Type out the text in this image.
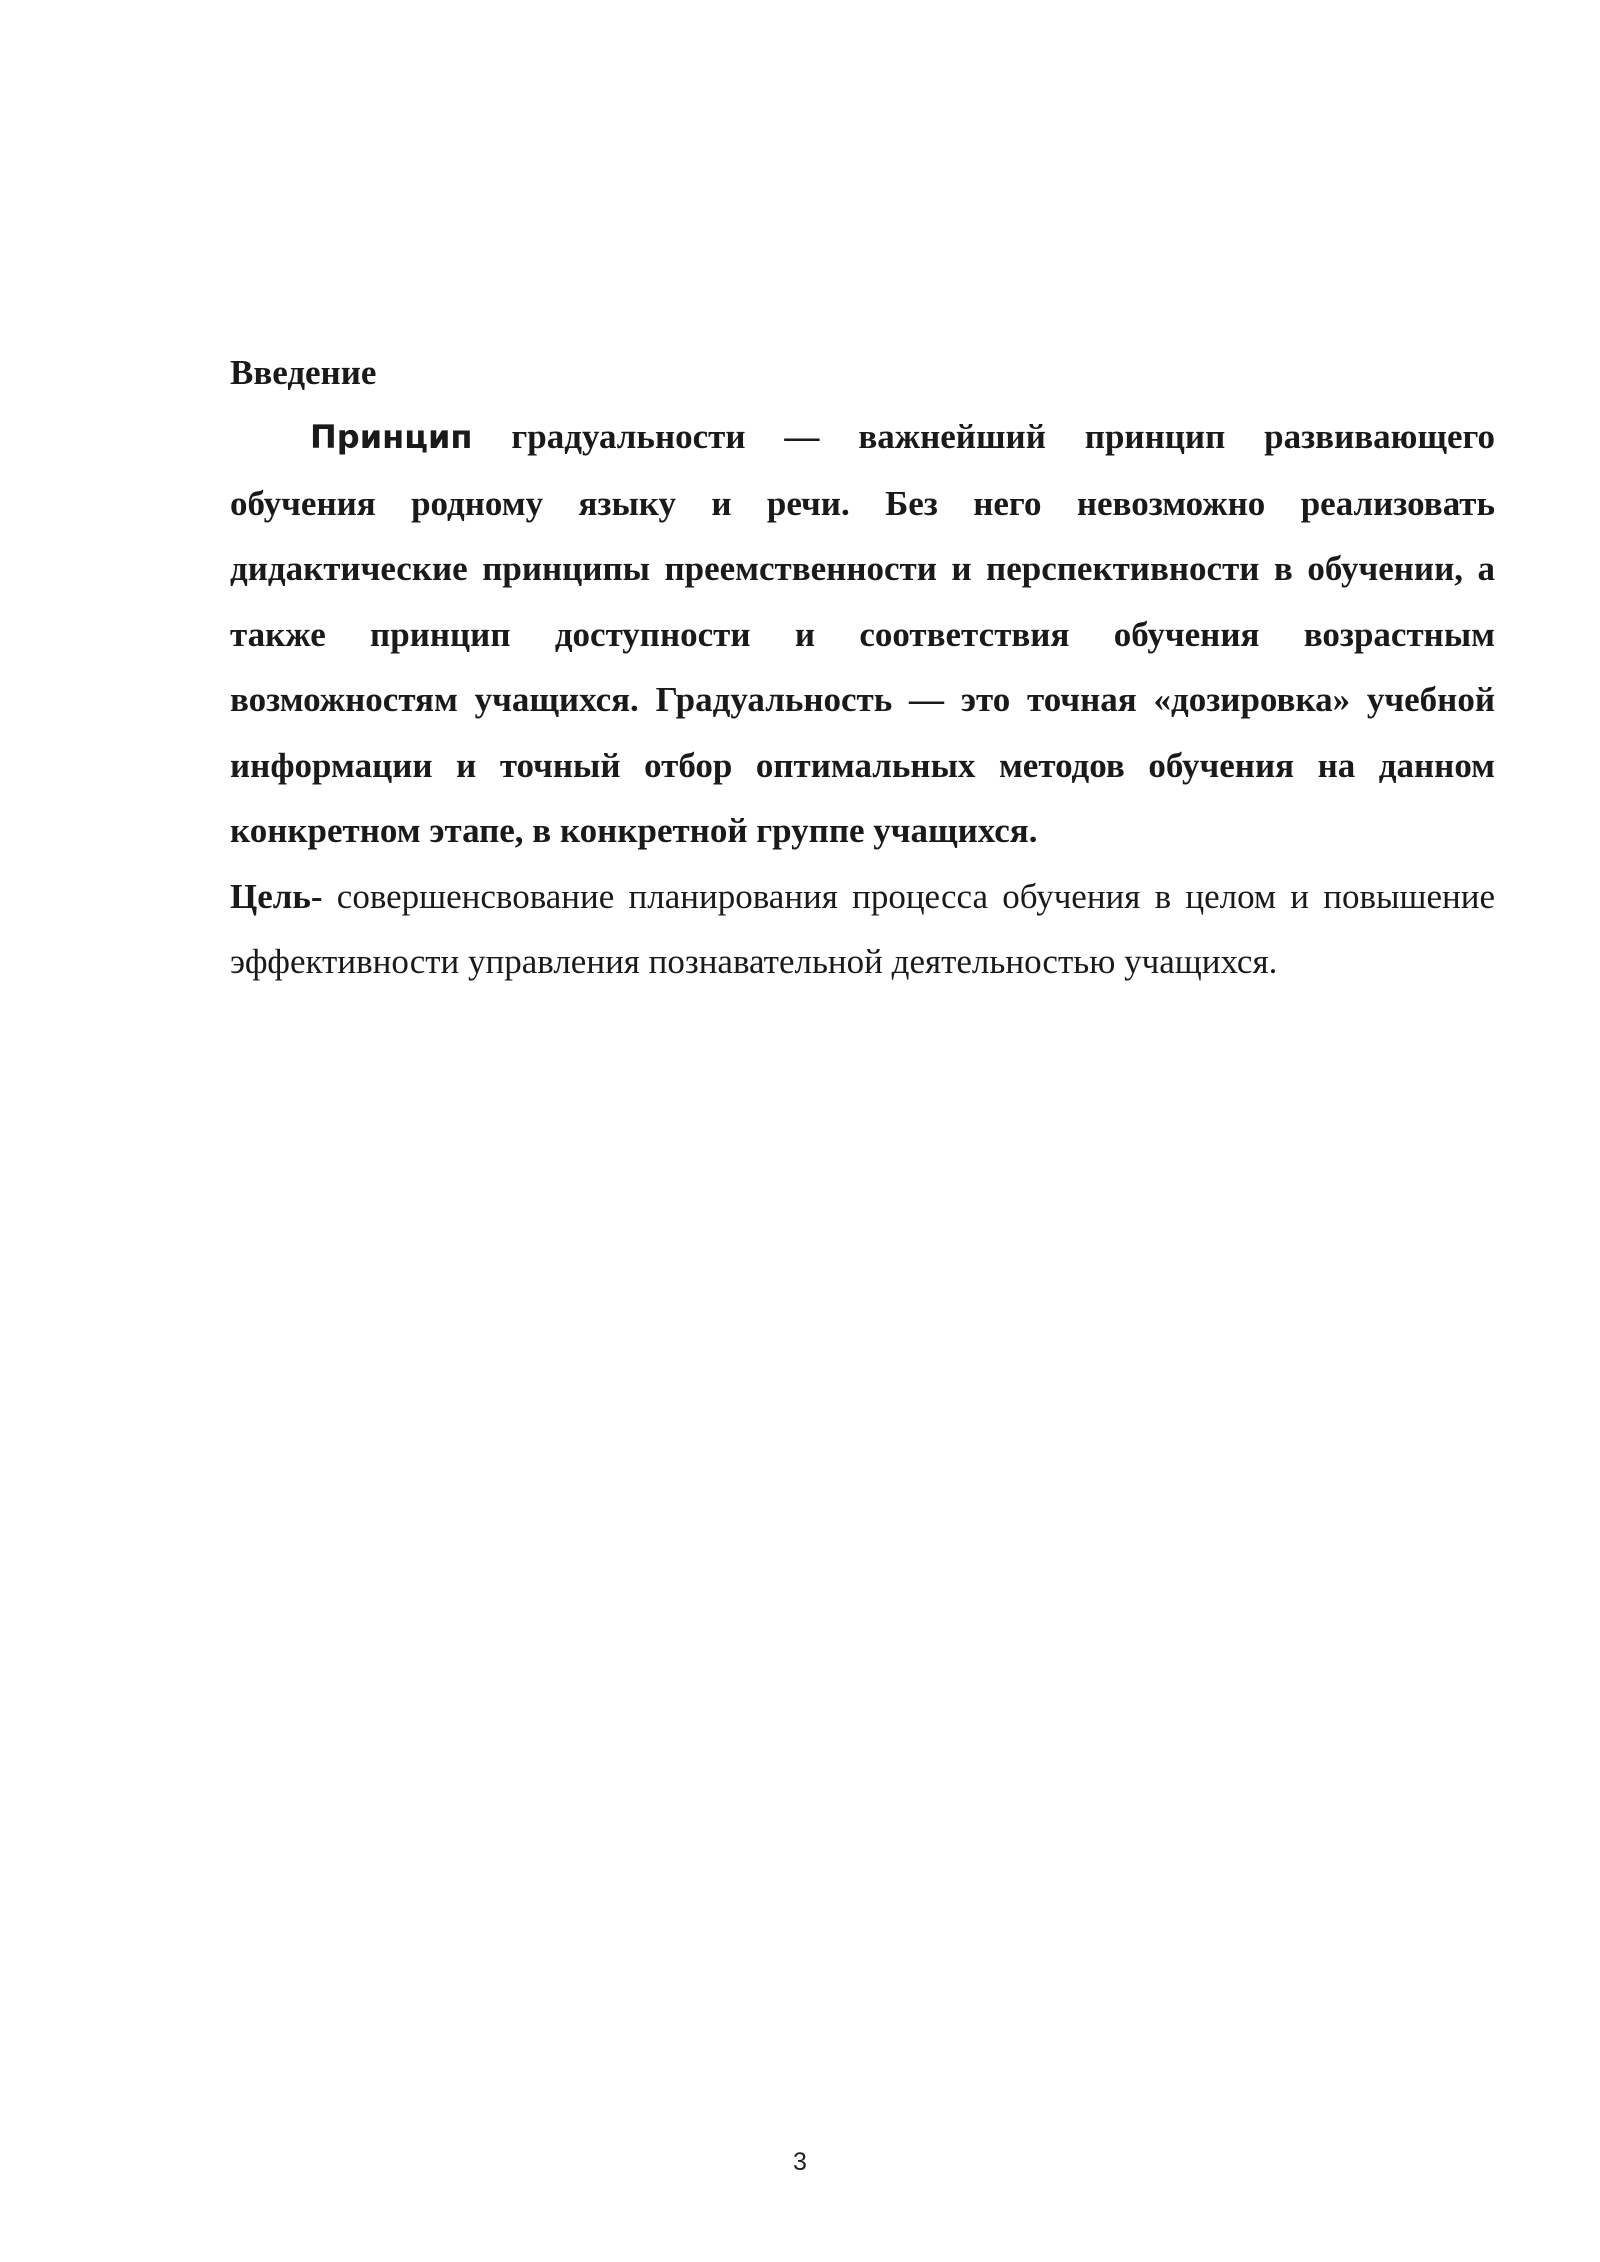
Введение

Принцип градуальности — важнейший принцип развивающего обучения родному языку и речи. Без него невозможно реализовать дидактические принципы преемственности и перспективности в обучении, а также принцип доступности и соответствия обучения возрастным возможностям учащихся. Градуальность — это точная «дозировка» учебной информации и точный отбор оптимальных методов обучения на данном конкретном этапе, в конкретной группе учащихся.

Цель- совершенсвование планирования процесса обучения в целом и повышение эффективности управления познавательной деятельностью учащихся.

3
